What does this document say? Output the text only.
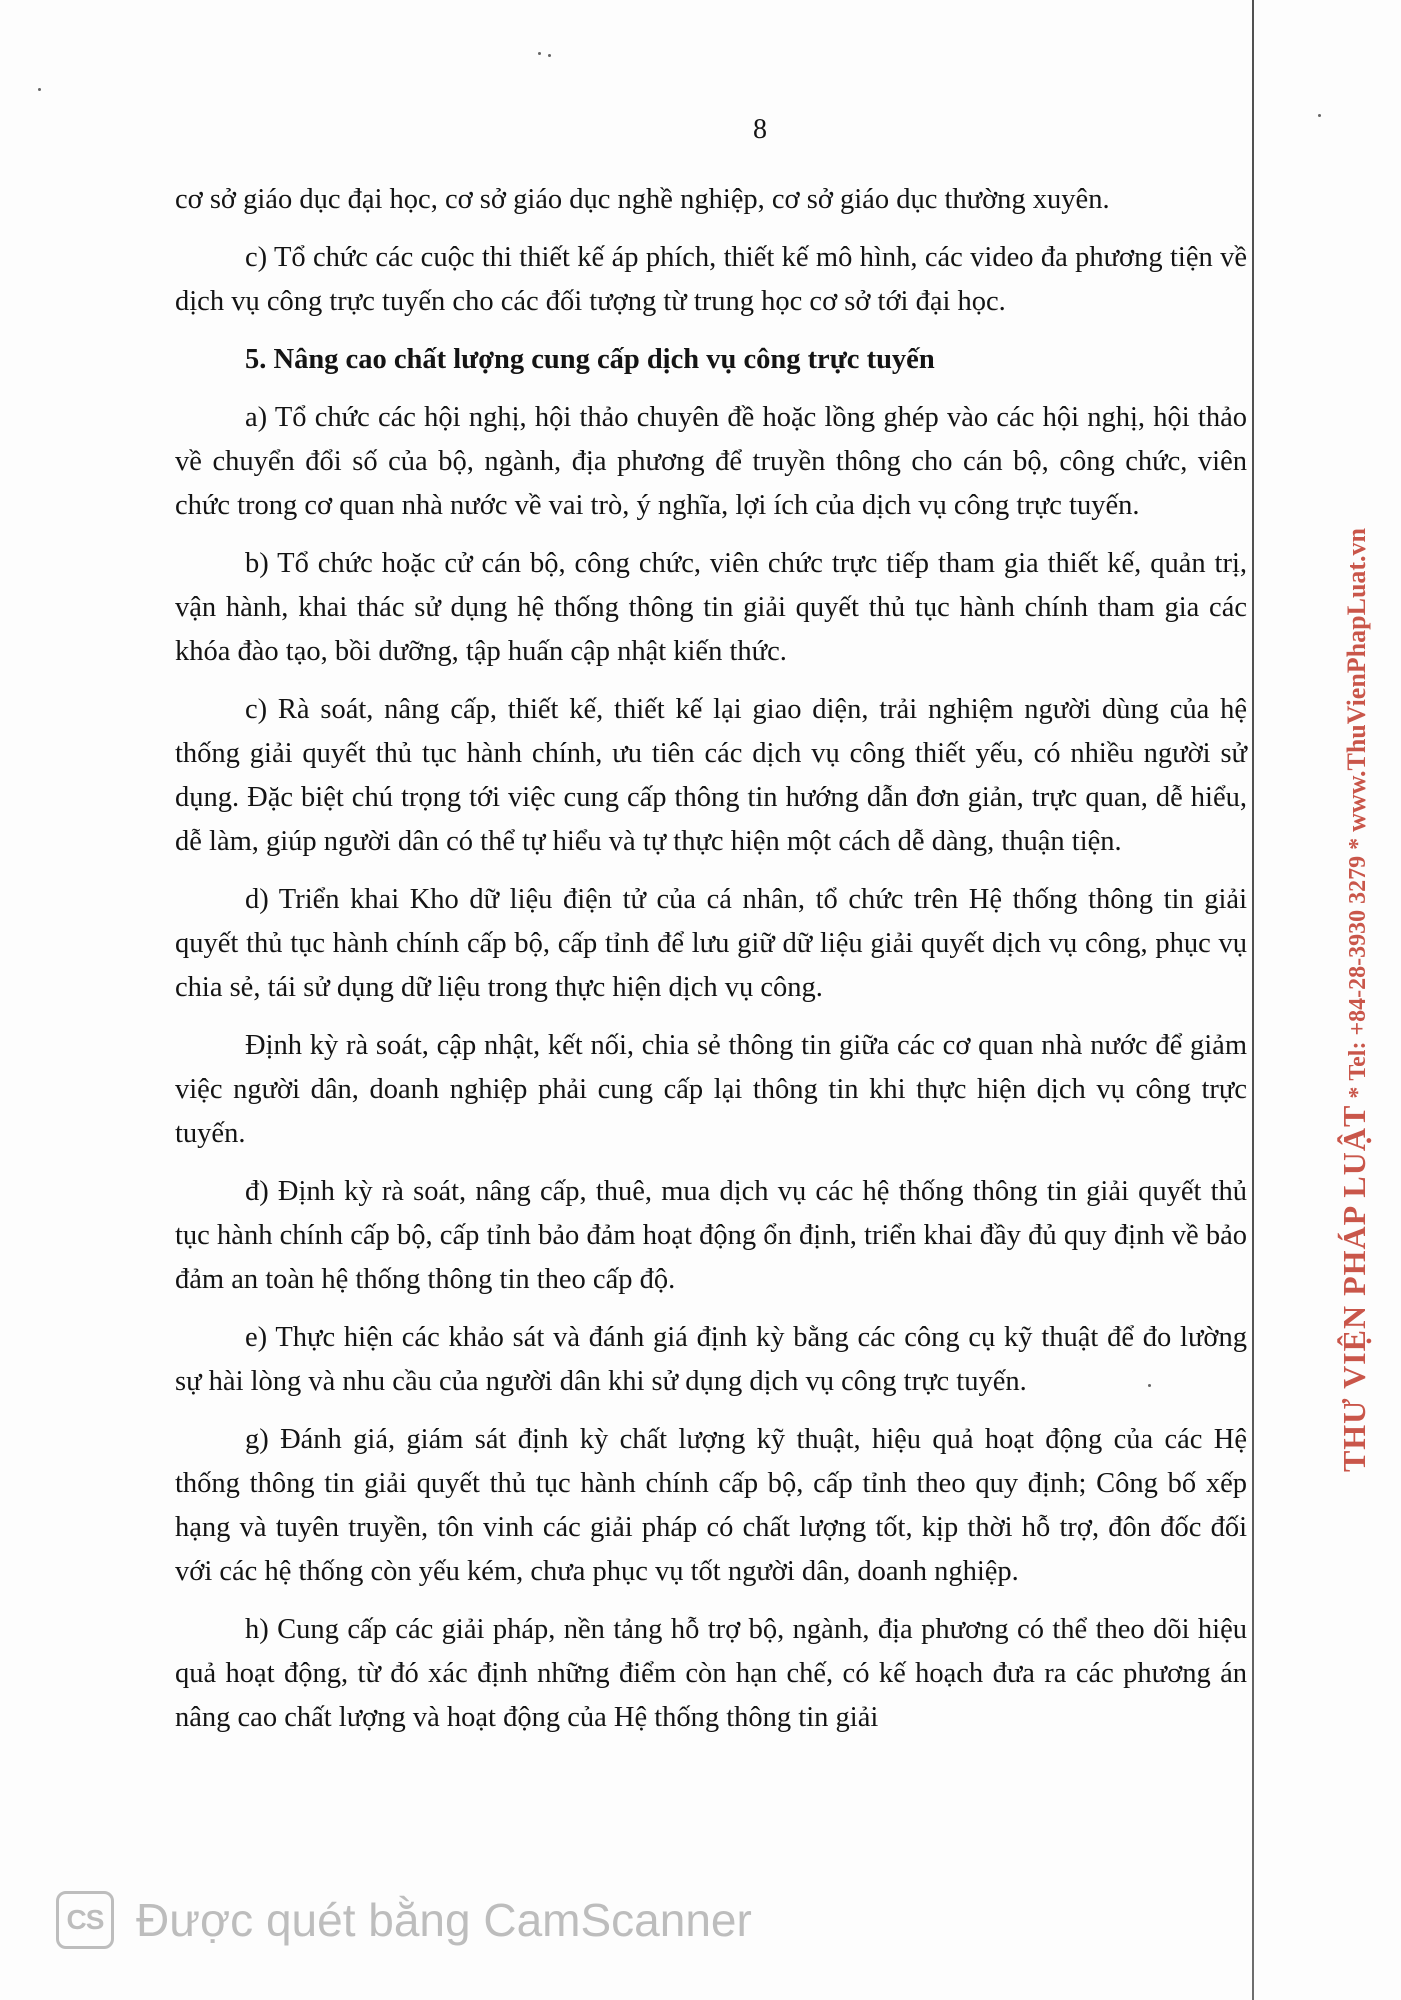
8

cơ sở giáo dục đại học, cơ sở giáo dục nghề nghiệp, cơ sở giáo dục thường xuyên.

c) Tổ chức các cuộc thi thiết kế áp phích, thiết kế mô hình, các video đa phương tiện về dịch vụ công trực tuyến cho các đối tượng từ trung học cơ sở tới đại học.

5. Nâng cao chất lượng cung cấp dịch vụ công trực tuyến

a) Tổ chức các hội nghị, hội thảo chuyên đề hoặc lồng ghép vào các hội nghị, hội thảo về chuyển đổi số của bộ, ngành, địa phương để truyền thông cho cán bộ, công chức, viên chức trong cơ quan nhà nước về vai trò, ý nghĩa, lợi ích của dịch vụ công trực tuyến.

b) Tổ chức hoặc cử cán bộ, công chức, viên chức trực tiếp tham gia thiết kế, quản trị, vận hành, khai thác sử dụng hệ thống thông tin giải quyết thủ tục hành chính tham gia các khóa đào tạo, bồi dưỡng, tập huấn cập nhật kiến thức.

c) Rà soát, nâng cấp, thiết kế, thiết kế lại giao diện, trải nghiệm người dùng của hệ thống giải quyết thủ tục hành chính, ưu tiên các dịch vụ công thiết yếu, có nhiều người sử dụng. Đặc biệt chú trọng tới việc cung cấp thông tin hướng dẫn đơn giản, trực quan, dễ hiểu, dễ làm, giúp người dân có thể tự hiểu và tự thực hiện một cách dễ dàng, thuận tiện.

d) Triển khai Kho dữ liệu điện tử của cá nhân, tổ chức trên Hệ thống thông tin giải quyết thủ tục hành chính cấp bộ, cấp tỉnh để lưu giữ dữ liệu giải quyết dịch vụ công, phục vụ chia sẻ, tái sử dụng dữ liệu trong thực hiện dịch vụ công.

Định kỳ rà soát, cập nhật, kết nối, chia sẻ thông tin giữa các cơ quan nhà nước để giảm việc người dân, doanh nghiệp phải cung cấp lại thông tin khi thực hiện dịch vụ công trực tuyến.

đ) Định kỳ rà soát, nâng cấp, thuê, mua dịch vụ các hệ thống thông tin giải quyết thủ tục hành chính cấp bộ, cấp tỉnh bảo đảm hoạt động ổn định, triển khai đầy đủ quy định về bảo đảm an toàn hệ thống thông tin theo cấp độ.

e) Thực hiện các khảo sát và đánh giá định kỳ bằng các công cụ kỹ thuật để đo lường sự hài lòng và nhu cầu của người dân khi sử dụng dịch vụ công trực tuyến.

g) Đánh giá, giám sát định kỳ chất lượng kỹ thuật, hiệu quả hoạt động của các Hệ thống thông tin giải quyết thủ tục hành chính cấp bộ, cấp tỉnh theo quy định; Công bố xếp hạng và tuyên truyền, tôn vinh các giải pháp có chất lượng tốt, kịp thời hỗ trợ, đôn đốc đối với các hệ thống còn yếu kém, chưa phục vụ tốt người dân, doanh nghiệp.

h) Cung cấp các giải pháp, nền tảng hỗ trợ bộ, ngành, địa phương có thể theo dõi hiệu quả hoạt động, từ đó xác định những điểm còn hạn chế, có kế hoạch đưa ra các phương án nâng cao chất lượng và hoạt động của Hệ thống thông tin giải

THƯ VIỆN PHÁP LUẬT*Tel: +84-28-3930 3279*www.ThuVienPhapLuat.vn
CS Được quét bằng CamScanner
